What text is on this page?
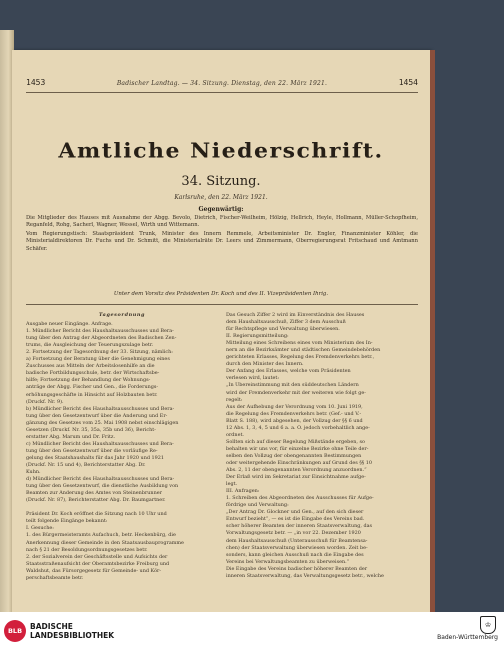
1453	Badischer Landtag. — 34. Sitzung. Dienstag, den 22. März 1921.	1454
Amtliche Niederschrift.
34. Sitzung.
Karlsruhe, den 22. März 1921.
Gegenwärtig:

Die Mitglieder des Hauses mit Ausnahme der Abgg. Bevolo, Dietrich, Fischer-Weilheim, Hölzig, Hellrich, Heyle, Hollmann, Müller-Schopfheim, Reganfeld, Rohg, Sacherl, Wagner, Wessel, Wirth und Wittemann.

Vom Regierungstisch: Staatspräsident Trunk, Minister des Innern Remmele, Arbeitsminister Dr. Engler, Finanzminister Köhler, die Ministerialdirektoren Dr. Fuchs und Dr. Schmitt, die Ministerialräte Dr. Leers und Zimmermann, Oberregierungsrat Fritschaud und Amtmann Schäfer.

Unter dem Vorsitz des Präsidenten Dr. Koch und des II. Vizepräsidenten Ihrig.
Tagesordnung
Ausgabe neuer Eingänge. Anfrage.
1. Mündlicher Bericht des Haushaltsausschusses und Bera-
tung über den Antrag der Abgeordneten des Badischen Zen-
trums, die Ausgleichung der Teuerungszulage betr.
2. Fortsetzung der Tagesordnung der 33. Sitzung, nämlich:
a) Fortsetzung der Beratung über die Genehmigung eines
Zuschusses aus Mitteln der Arbeitslosenhilfe an die
badische Fortbildungsschule, betr. der Wirtschaftsbe-
hilfe; Fortsetzung der Behandlung der Wohnungs-
anträge der Abgg. Fischer und Gen., die Forderungs-
erhöhungsgeschäfte in Hinsicht auf Holzbauten betr.
(Druckf. Nr. 9).
b) Mündlicher Bericht des Haushaltsausschusses und Bera-
tung über den Gesetzentwurf über die Änderung und Er-
gänzung des Gesetzes vom 25. Mai 1908 nebst einschlägigen
Gesetzen (Druckf. Nr. 35, 35a, 35b und 36), Bericht-
erstatter Abg. Marum und Dr. Fritz.
c) Mündlicher Bericht des Haushaltsausschusses und Bera-
tung über den Gesetzentwurf über die vorläufige Re-
gelung des Staatshaushalts für das Jahr 1920 und 1921
(Druckf. Nr. 15 und 4), Berichterstatter Abg. Dr.
Kuhn.
d) Mündlicher Bericht des Haushaltsausschusses und Bera-
tung über den Gesetzentwurf, die dienstliche Ausbildung von
Beamten zur Änderung des Amtes von Steinenbrunner
(Druckf. Nr. 87), Berichterstatter Abg. Dr. Baumgartner.

Präsident Dr. Koch eröffnet die Sitzung nach 10 Uhr und
teilt folgende Eingänge bekannt:
I. Gesuche:
1. des Bürgermeisteramts Aufachuch, betr. Heckenbürg, die
Anerkennung dieser Gemeinde in den Staatsausbauprogramme
nach § 21 der Besoldungsordnungsgesetzes betr.
2. der Sozialverein der Geschäftsstelle und Aufsichts der
Staatsstraßenaufsicht der Oberamtsbezirke Freiburg und
Waldshut, das Fürsorgegesetz für Gemeinde- und Kör-
perschaftsbeamte betr.
Das Gesuch Ziffer 2 wird im Einverständnis des Hauses
dem Haushaltsausschuß, Ziffer 3 dem Ausschuß
für Rechtspflege und Verwaltung überwiesen.
II. Regierungsmitteilung:
Mitteilung eines Schreibens eines vom Ministerium des In-
nern an die Bezirksämter und städtischen Gemeindebehörden
gerichteten Erlasses, Regelung des Fremdenverkehrs betr.,
durch den Minister des Innern.
Der Anfang des Erlasses, welche vom Präsidenten
verlesen wird, lautet:
„In Übereinstimmung mit den süddeutschen Ländern
wird der Fremdenverkehr mit der weiteren wie folgt ge-
regelt:
Aus der Aufhebung der Verordnung vom 10. Juni 1919,
die Regelung des Fremdenverkehrs betr. (Gef.- und V.-
Blatt S. 188), wird abgesehen, der Vollzug der §§ 6 und
12 Abs. 1, 3, 4, 5 und 6 a. a. O. jedoch vorbehaltlich ange-
ordnet.
Sollten sich auf dieser Regelung Mißstände ergeben, so
behalten wir uns vor, für einzelne Bezirke ohne Teile der-
selben den Vollzug der obengenannten Bestimmungen
oder weitergehende Einschränkungen auf Grund des §§ 10
Abs. 2, 11 der obengenannten Verordnung anzuordnen.“
Der Erlaß wird im Sekretariat zur Einsichtnahme aufge-
legt.
III. Anfragen:
1. Schreiben des Abgeordneten des Ausschusses für Aufge-
fördrige und Verwaltung:
„Der Antrag Dr. Glockner und Gen., auf den sich dieser
Entwurf bezieht“, — es ist die Eingabe des Vereins bad.
scher höherer Beamten der inneren Staatsverwaltung, das
Vorwaltungsgesetz betr. — „in vor 22. Dezember 1920
dem Haushaltsausschuß (Unterausschuß für Beamtensa-
chen) der Staatsverwaltung überwiesen worden. Zeit be-
sonders, kann gleichen Ausschuß nach die Eingabe des
Vereins bei Verwaltungsbeamten zu überweisen.“
Die Eingabe des Vereins badischer höherer Beamten der
inneren Staatsverwaltung, das Verwaltungsgesetz betr., welche
BLB	BADISCHE
LANDESBIBLIOTHEK
♔
Baden-Württemberg
